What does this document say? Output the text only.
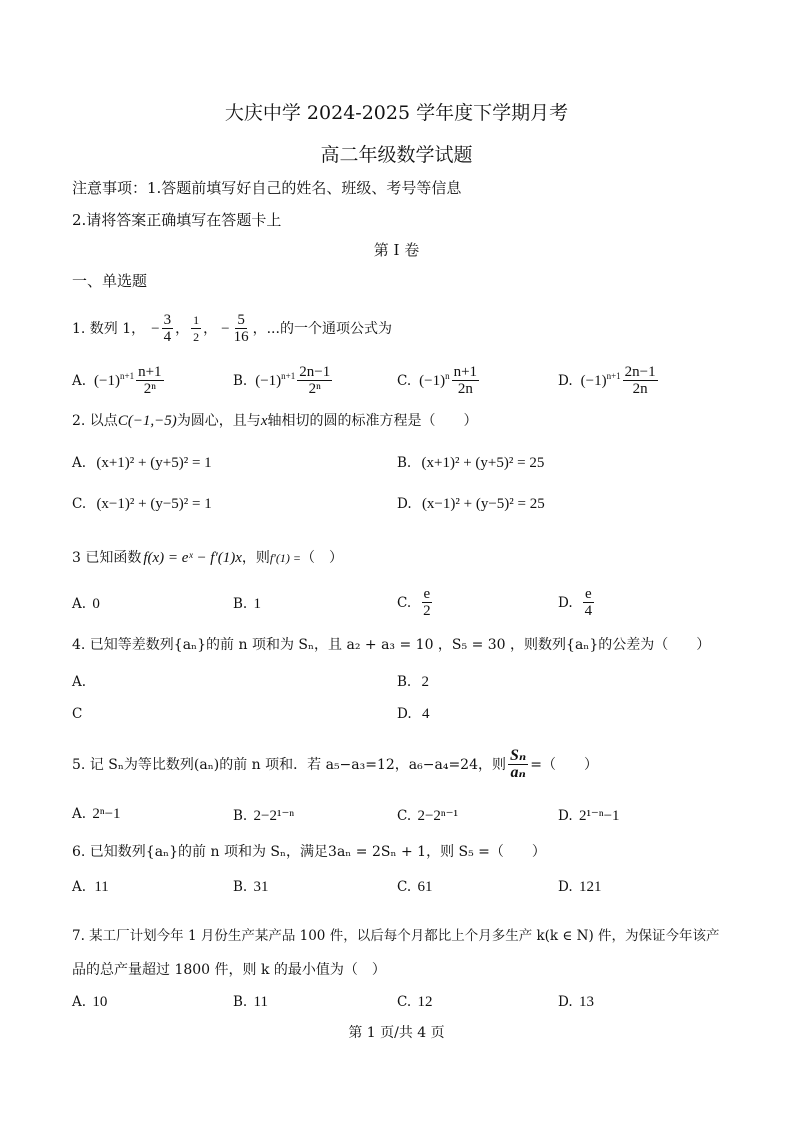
大庆中学 2024-2025 学年度下学期月考
高二年级数学试题
注意事项：1.答题前填写好自己的姓名、班级、考号等信息
2.请将答案正确填写在答题卡上
第 I 卷
一、单选题
1. 数列 1， − $\frac{3}{4}$ ， $\frac{1}{2}$ ， − $\frac{5}{16}$ ，...的一个通项公式为
A. $(-1)^{n+1} \frac{n+1}{\text{2ⁿ}}$	B. $(-1)^{n+1} \frac{2n-1}{\text{2ⁿ}}$	C. $(-1)^n \frac{n+1}{2n}$	D. $(-1)^{n+1} \frac{2n-1}{2n}$
2. 以点C(−1,−5)为圆心，且与x轴相切的圆的标准方程是（　　）
A. (x+1)² + (y+5)² = 1	B. (x+1)² + (y+5)² = 25
C. (x−1)² + (y−5)² = 1	D. (x−1)² + (y−5)² = 25
3 已知函数 f(x) = eˣ − f′(1)x，则f′(1) =（　）
A. 0	B. 1	C. $\frac{e}{2}$	D. $\frac{e}{4}$
4. 已知等差数列{aₙ}的前 n 项和为 Sₙ，且 a₂ + a₃ = 10 ，S₅ = 30 ，则数列{aₙ}的公差为（　　）
A.	B. 2
C	D. 4
5. 记 Sₙ为等比数列(aₙ)的前 n 项和．若 a₅−a₃=12，a₆−a₄=24，则 $\frac{\text{Sₙ}}{\text{aₙ}}$ =（　　）
A. 2ⁿ−1	B. 2−2¹⁻ⁿ	C. 2−2ⁿ⁻¹	D. 2¹⁻ⁿ−1
6. 已知数列{aₙ}的前 n 项和为 Sₙ，满足3aₙ = 2Sₙ + 1，则 S₅ =（　　）
A. 11	B. 31	C. 61	D. 121
7. 某工厂计划今年 1 月份生产某产品 100 件，以后每个月都比上个月多生产 k(k ∈ N) 件，为保证今年该产
品的总产量超过 1800 件，则 k 的最小值为（　）
A. 10	B. 11	C. 12	D. 13
第 1 页/共 4 页
